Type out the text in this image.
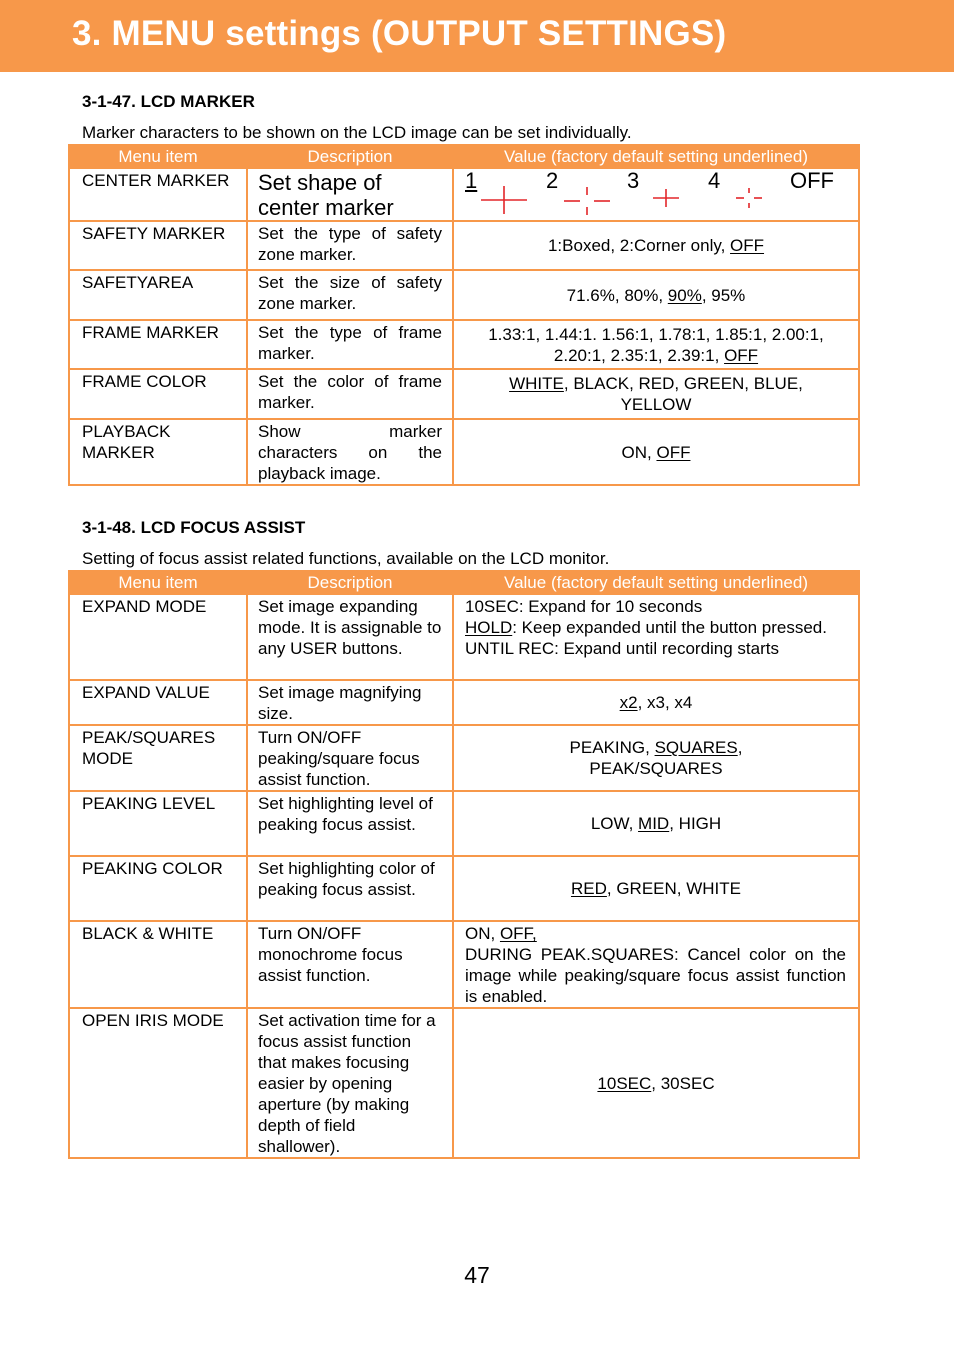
3. MENU settings (OUTPUT SETTINGS)
3-1-47. LCD MARKER
Marker characters to be shown on the LCD image can be set individually.
Menu item	Description	Value (factory default setting underlined)
CENTER MARKER	Set shape of center marker	1 2 3 4 OFF

SAFETY MARKER	Set the type of safety zone marker.	1:Boxed, 2:Corner only, OFF
SAFETYAREA	Set the size of safety zone marker.	71.6%, 80%, 90%, 95%
FRAME MARKER	Set the type of frame marker.	1.33:1, 1.44:1. 1.56:1, 1.78:1, 1.85:1, 2.00:1,
2.20:1, 2.35:1, 2.39:1, OFF
FRAME COLOR	Set the color of frame marker.	WHITE, BLACK, RED, GREEN, BLUE,
YELLOW
PLAYBACK MARKER	Show marker
characters on the
playback image.	ON, OFF
3-1-48. LCD FOCUS ASSIST
Setting of focus assist related functions, available on the LCD monitor.
Menu item	Description	Value (factory default setting underlined)
EXPAND MODE	Set image expanding mode. It is assignable to any USER buttons.	10SEC: Expand for 10 seconds
HOLD: Keep expanded until the button pressed.
UNTIL REC: Expand until recording starts
EXPAND VALUE	Set image magnifying size.	x2, x3, x4
PEAK/SQUARES MODE	Turn ON/OFF peaking/square focus assist function.	PEAKING, SQUARES,
PEAK/SQUARES
PEAKING LEVEL	Set highlighting level of peaking focus assist.	LOW, MID, HIGH
PEAKING COLOR	Set highlighting color of peaking focus assist.	RED, GREEN, WHITE
BLACK & WHITE	Turn ON/OFF monochrome focus assist function.	ON, OFF,
DURING PEAK.SQUARES: Cancel color on the image while peaking/square focus assist function is enabled.
OPEN IRIS MODE	Set activation time for a focus assist function that makes focusing easier by opening aperture (by making depth of field shallower).	10SEC, 30SEC
47
